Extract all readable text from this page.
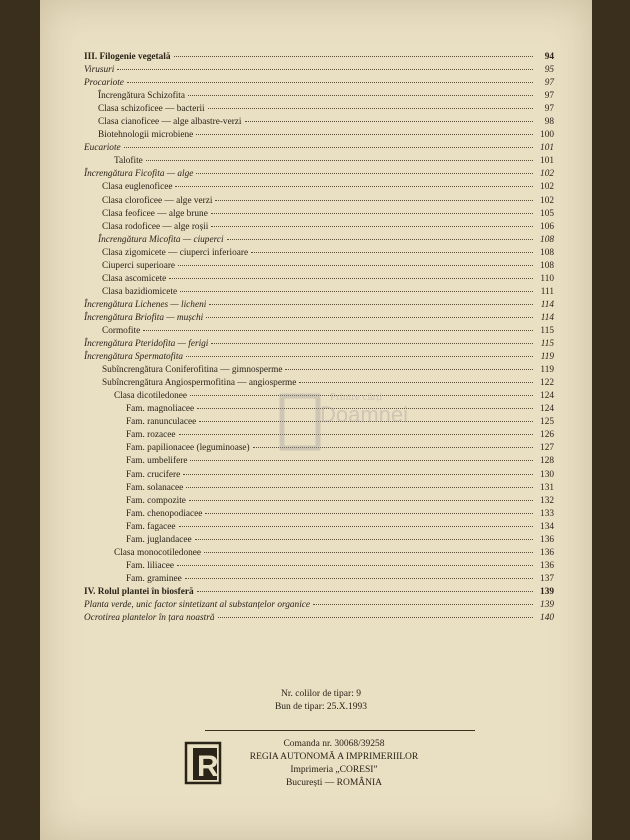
III. Filogenie vegetală	94
Virusuri	95
Procariote	97
Încrengătura Schizofita	97
Clasa schizoficee — bacterii	97
Clasa cianoficee — alge albastre-verzi	98
Biotehnologii microbiene	100
Eucariote	101
Talofite	101
Încrengătura Ficofita — alge	102
Clasa euglenoficee	102
Clasa cloroficee — alge verzi	102
Clasa feoficee — alge brune	105
Clasa rodoficee — alge roșii	106
Încrengătura Micofita — ciuperci	108
Clasa zigomicete — ciuperci inferioare	108
Ciuperci superioare	108
Clasa ascomicete	110
Clasa bazidiomicete	111
Încrengătura Lichenes — licheni	114
Încrengătura Briofita — mușchi	114
Cormofite	115
Încrengătura Pteridofita — ferigi	115
Încrengătura Spermatofita	119
Subîncrengătura Coniferofitina — gimnosperme	119
Subîncrengătura Angiospermofitina — angiosperme	122
Clasa dicotiledonee	124
Fam. magnoliacee	124
Fam. ranunculacee	125
Fam. rozacee	126
Fam. papilionacee (leguminoase)	127
Fam. umbelifere	128
Fam. crucifere	130
Fam. solanacee	131
Fam. compozite	132
Fam. chenopodiacee	133
Fam. fagacee	134
Fam. juglandacee	136
Clasa monocotiledonee	136
Fam. liliacee	136
Fam. graminee	137
IV. Rolul plantei în biosferă	139
Planta verde, unic factor sintetizant al substanțelor organice	139
Ocrotirea plantelor în țara noastră	140
Printre cărți
Doamnei
Nr. colilor de tipar: 9
Bun de tipar: 25.X.1993
R
Comanda nr. 30068/39258
REGIA AUTONOMĂ A IMPRIMERIILOR
Imprimeria „CORESI”
București — ROMÂNIA
